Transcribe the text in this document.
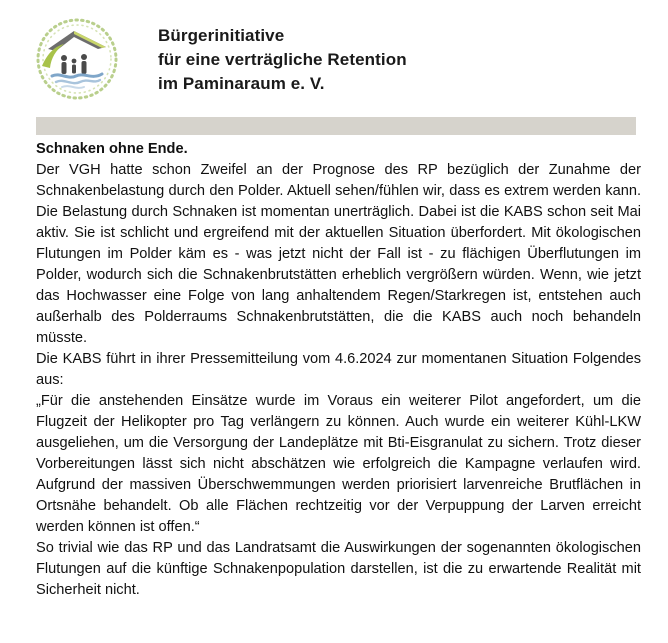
Bürgerinitiative
für eine verträgliche Retention
im Paminaraum e. V.

Schnaken ohne Ende.

Der VGH hatte schon Zweifel an der Prognose des RP bezüglich der Zunahme der Schnakenbelastung durch den Polder. Aktuell sehen/fühlen wir, dass es extrem werden kann. Die Belastung durch Schnaken ist momentan unerträglich. Dabei ist die KABS schon seit Mai aktiv. Sie ist schlicht und ergreifend mit der aktuellen Situation überfordert. Mit ökologischen Flutungen im Polder käm es - was jetzt nicht der Fall ist - zu flächigen Überflutungen im Polder, wodurch sich die Schnakenbrutstätten erheblich vergrößern würden. Wenn, wie jetzt das Hochwasser eine Folge von lang anhaltendem Regen/Starkregen ist, entstehen auch außerhalb des Polderraums Schnakenbrutstätten, die die KABS auch noch behandeln müsste.

Die KABS führt in ihrer Pressemitteilung vom 4.6.2024 zur momentanen Situation Folgendes aus:

„Für die anstehenden Einsätze wurde im Voraus ein weiterer Pilot angefordert, um die Flugzeit der Helikopter pro Tag verlängern zu können. Auch wurde ein weiterer Kühl-LKW ausgeliehen, um die Versorgung der Landeplätze mit Bti-Eisgranulat zu sichern. Trotz dieser Vorbereitungen lässt sich nicht abschätzen wie erfolgreich die Kampagne verlaufen wird. Aufgrund der massiven Überschwemmungen werden priorisiert larvenreiche Brutflächen in Ortsnähe behandelt. Ob alle Flächen rechtzeitig vor der Verpuppung der Larven erreicht werden können ist offen.“

So trivial wie das RP und das Landratsamt die Auswirkungen der sogenannten ökologischen Flutungen auf die künftige Schnakenpopulation darstellen, ist die zu erwartende Realität mit Sicherheit nicht.
